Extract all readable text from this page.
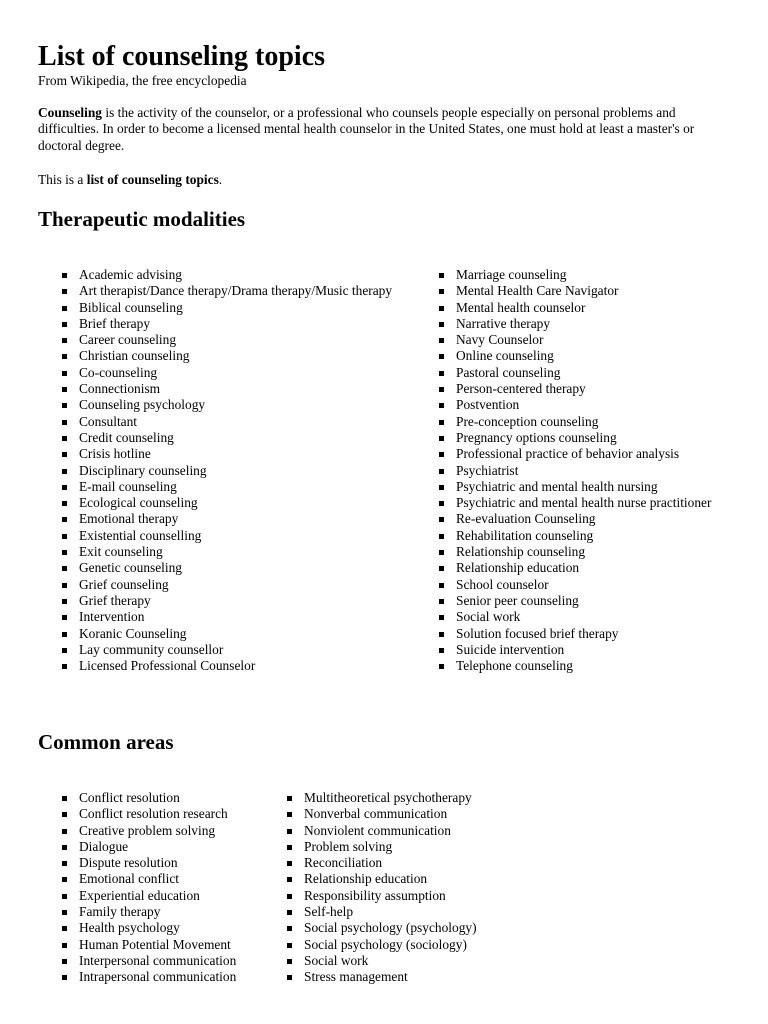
List of counseling topics
From Wikipedia, the free encyclopedia

Counseling is the activity of the counselor, or a professional who counsels people especially on personal problems and difficulties. In order to become a licensed mental health counselor in the United States, one must hold at least a master's or doctoral degree.

This is a list of counseling topics.

Therapeutic modalities
Academic advising
Art therapist/Dance therapy/Drama therapy/Music therapy
Biblical counseling
Brief therapy
Career counseling
Christian counseling
Co-counseling
Connectionism
Counseling psychology
Consultant
Credit counseling
Crisis hotline
Disciplinary counseling
E-mail counseling
Ecological counseling
Emotional therapy
Existential counselling
Exit counseling
Genetic counseling
Grief counseling
Grief therapy
Intervention
Koranic Counseling
Lay community counsellor
Licensed Professional Counselor
Marriage counseling
Mental Health Care Navigator
Mental health counselor
Narrative therapy
Navy Counselor
Online counseling
Pastoral counseling
Person-centered therapy
Postvention
Pre-conception counseling
Pregnancy options counseling
Professional practice of behavior analysis
Psychiatrist
Psychiatric and mental health nursing
Psychiatric and mental health nurse practitioner
Re-evaluation Counseling
Rehabilitation counseling
Relationship counseling
Relationship education
School counselor
Senior peer counseling
Social work
Solution focused brief therapy
Suicide intervention
Telephone counseling
Common areas
Conflict resolution
Conflict resolution research
Creative problem solving
Dialogue
Dispute resolution
Emotional conflict
Experiential education
Family therapy
Health psychology
Human Potential Movement
Interpersonal communication
Intrapersonal communication
Multitheoretical psychotherapy
Nonverbal communication
Nonviolent communication
Problem solving
Reconciliation
Relationship education
Responsibility assumption
Self-help
Social psychology (psychology)
Social psychology (sociology)
Social work
Stress management
